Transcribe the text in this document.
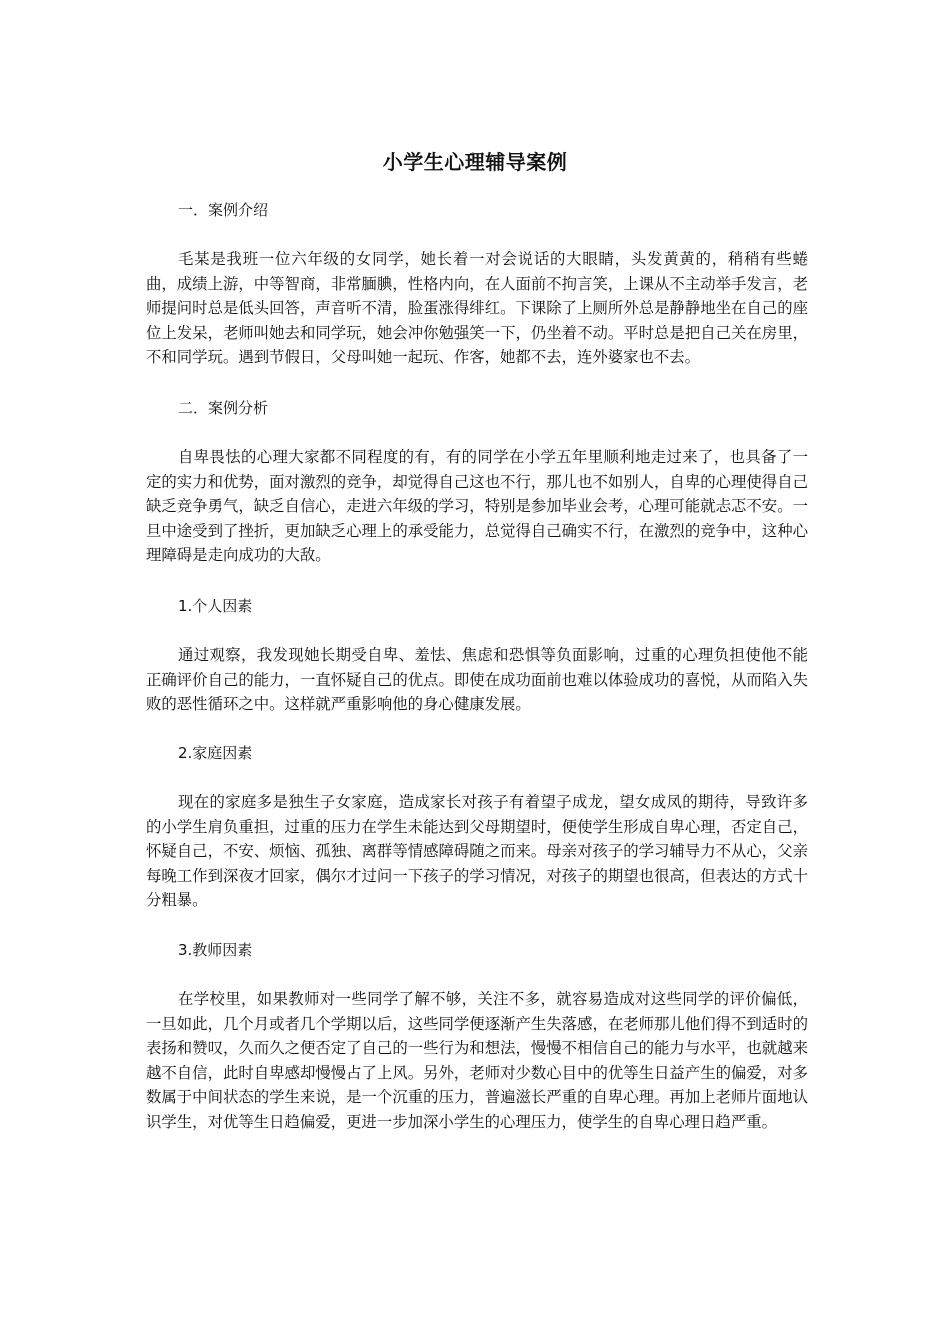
小学生心理辅导案例
一．案例介绍

毛某是我班一位六年级的女同学，她长着一对会说话的大眼睛，头发黄黄的，稍稍有些蜷曲，成绩上游，中等智商，非常腼腆，性格内向，在人面前不拘言笑，上课从不主动举手发言，老师提问时总是低头回答，声音听不清，脸蛋涨得绯红。下课除了上厕所外总是静静地坐在自己的座位上发呆，老师叫她去和同学玩，她会冲你勉强笑一下，仍坐着不动。平时总是把自己关在房里，不和同学玩。遇到节假日，父母叫她一起玩、作客，她都不去，连外婆家也不去。

二．案例分析

自卑畏怯的心理大家都不同程度的有，有的同学在小学五年里顺利地走过来了，也具备了一定的实力和优势，面对激烈的竞争，却觉得自己这也不行，那儿也不如别人，自卑的心理使得自己缺乏竞争勇气，缺乏自信心，走进六年级的学习，特别是参加毕业会考，心理可能就忐忑不安。一旦中途受到了挫折，更加缺乏心理上的承受能力，总觉得自己确实不行，在激烈的竞争中，这种心理障碍是走向成功的大敌。

1.个人因素

通过观察，我发现她长期受自卑、羞怯、焦虑和恐惧等负面影响，过重的心理负担使他不能正确评价自己的能力，一直怀疑自己的优点。即使在成功面前也难以体验成功的喜悦，从而陷入失败的恶性循环之中。这样就严重影响他的身心健康发展。

2.家庭因素

现在的家庭多是独生子女家庭，造成家长对孩子有着望子成龙，望女成凤的期待，导致许多的小学生肩负重担，过重的压力在学生未能达到父母期望时，便使学生形成自卑心理，否定自己，怀疑自己，不安、烦恼、孤独、离群等情感障碍随之而来。母亲对孩子的学习辅导力不从心，父亲每晚工作到深夜才回家，偶尔才过问一下孩子的学习情况，对孩子的期望也很高，但表达的方式十分粗暴。

3.教师因素

在学校里，如果教师对一些同学了解不够，关注不多，就容易造成对这些同学的评价偏低，一旦如此，几个月或者几个学期以后，这些同学便逐渐产生失落感，在老师那儿他们得不到适时的表扬和赞叹，久而久之便否定了自己的一些行为和想法，慢慢不相信自己的能力与水平，也就越来越不自信，此时自卑感却慢慢占了上风。另外，老师对少数心目中的优等生日益产生的偏爱，对多数属于中间状态的学生来说，是一个沉重的压力，普遍滋长严重的自卑心理。再加上老师片面地认识学生，对优等生日趋偏爱，更进一步加深小学生的心理压力，使学生的自卑心理日趋严重。
